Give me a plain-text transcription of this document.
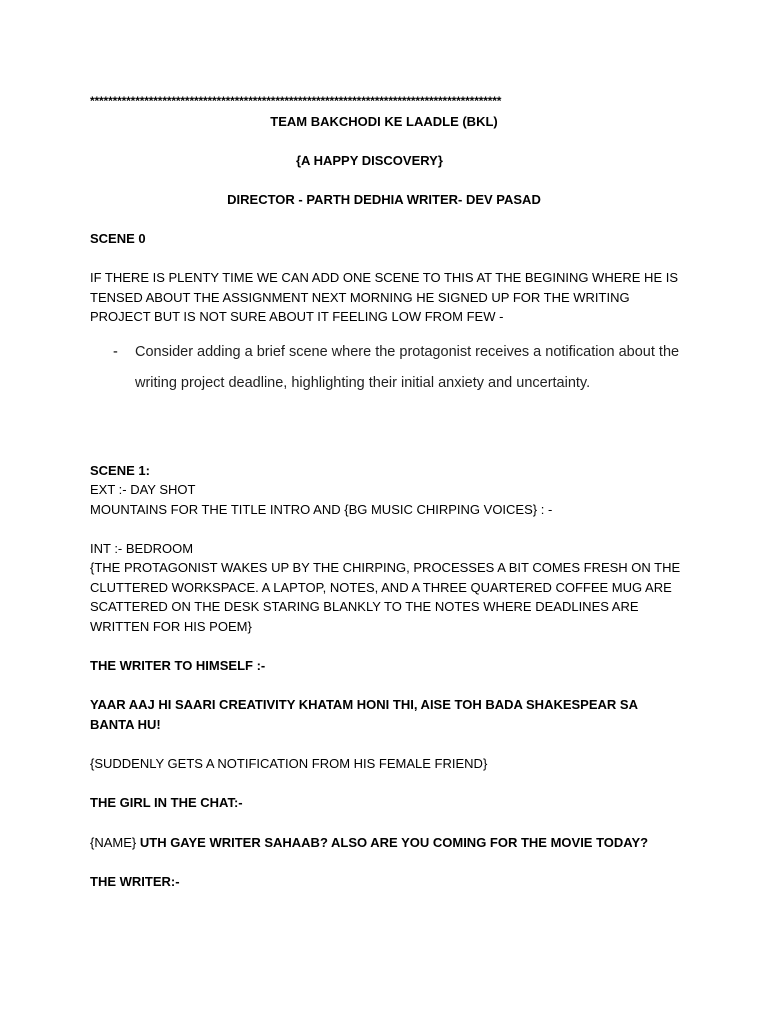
*******************************************************************************************
TEAM BAKCHODI KE LAADLE (BKL)
{A HAPPY DISCOVERY}
DIRECTOR - PARTH DEDHIA WRITER- DEV PASAD
SCENE 0
IF THERE IS PLENTY TIME WE CAN ADD ONE SCENE TO THIS AT THE BEGINING WHERE HE IS
TENSED ABOUT THE ASSIGNMENT NEXT MORNING HE SIGNED UP FOR THE WRITING
PROJECT BUT IS NOT SURE ABOUT IT FEELING LOW FROM FEW -
- Consider adding a brief scene where the protagonist receives a notification about the writing project deadline, highlighting their initial anxiety and uncertainty.
SCENE 1:
EXT :- DAY SHOT
MOUNTAINS FOR THE TITLE INTRO AND {BG MUSIC CHIRPING VOICES} : -
INT :- BEDROOM
{THE PROTAGONIST WAKES UP BY THE CHIRPING, PROCESSES A BIT COMES FRESH ON THE
CLUTTERED WORKSPACE. A LAPTOP, NOTES, AND A THREE QUARTERED COFFEE MUG ARE
SCATTERED ON THE DESK STARING BLANKLY TO THE NOTES WHERE DEADLINES ARE
WRITTEN FOR HIS POEM}
THE WRITER TO HIMSELF :-
YAAR AAJ HI SAARI CREATIVITY KHATAM HONI THI, AISE TOH BADA SHAKESPEAR SA
BANTA HU!
{SUDDENLY GETS A NOTIFICATION FROM HIS FEMALE FRIEND}
THE GIRL IN THE CHAT:-
{NAME} UTH GAYE WRITER SAHAAB? ALSO ARE YOU COMING FOR THE MOVIE TODAY?
THE WRITER:-
